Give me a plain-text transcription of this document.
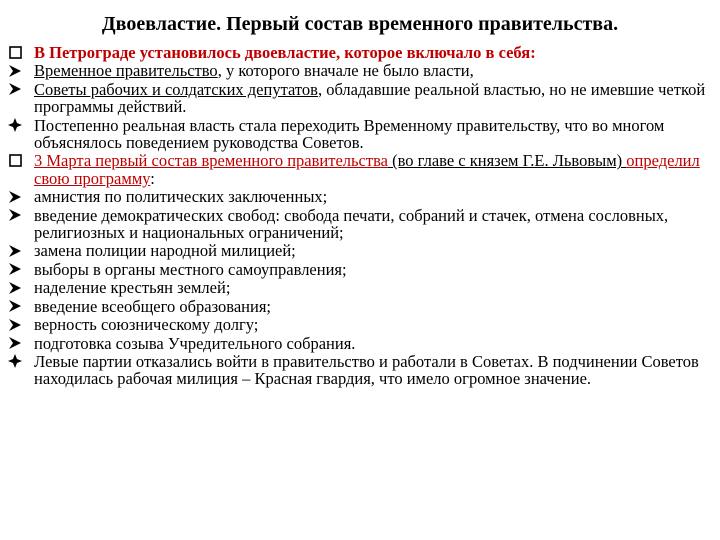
Двоевластие. Первый состав временного правительства.
В Петрограде установилось двоевластие, которое включало в себя:
Временное правительство, у которого вначале не было власти,
Советы рабочих и солдатских депутатов, обладавшие реальной властью, но не имевшие четкой программы действий.
Постепенно реальная власть стала переходить Временному правительству, что во многом объяснялось поведением руководства Советов.
3 Марта первый состав временного правительства (во главе с князем Г.Е. Львовым) определил свою программу:
амнистия по политических заключенных;
введение демократических свобод: свобода печати, собраний и стачек, отмена сословных, религиозных и национальных ограничений;
замена полиции народной милицией;
выборы в органы местного самоуправления;
наделение крестьян землей;
введение всеобщего образования;
верность союзническому долгу;
подготовка созыва Учредительного собрания.
Левые партии отказались войти в правительство и работали в Советах. В подчинении Советов находилась рабочая милиция – Красная гвардия, что имело огромное значение.
